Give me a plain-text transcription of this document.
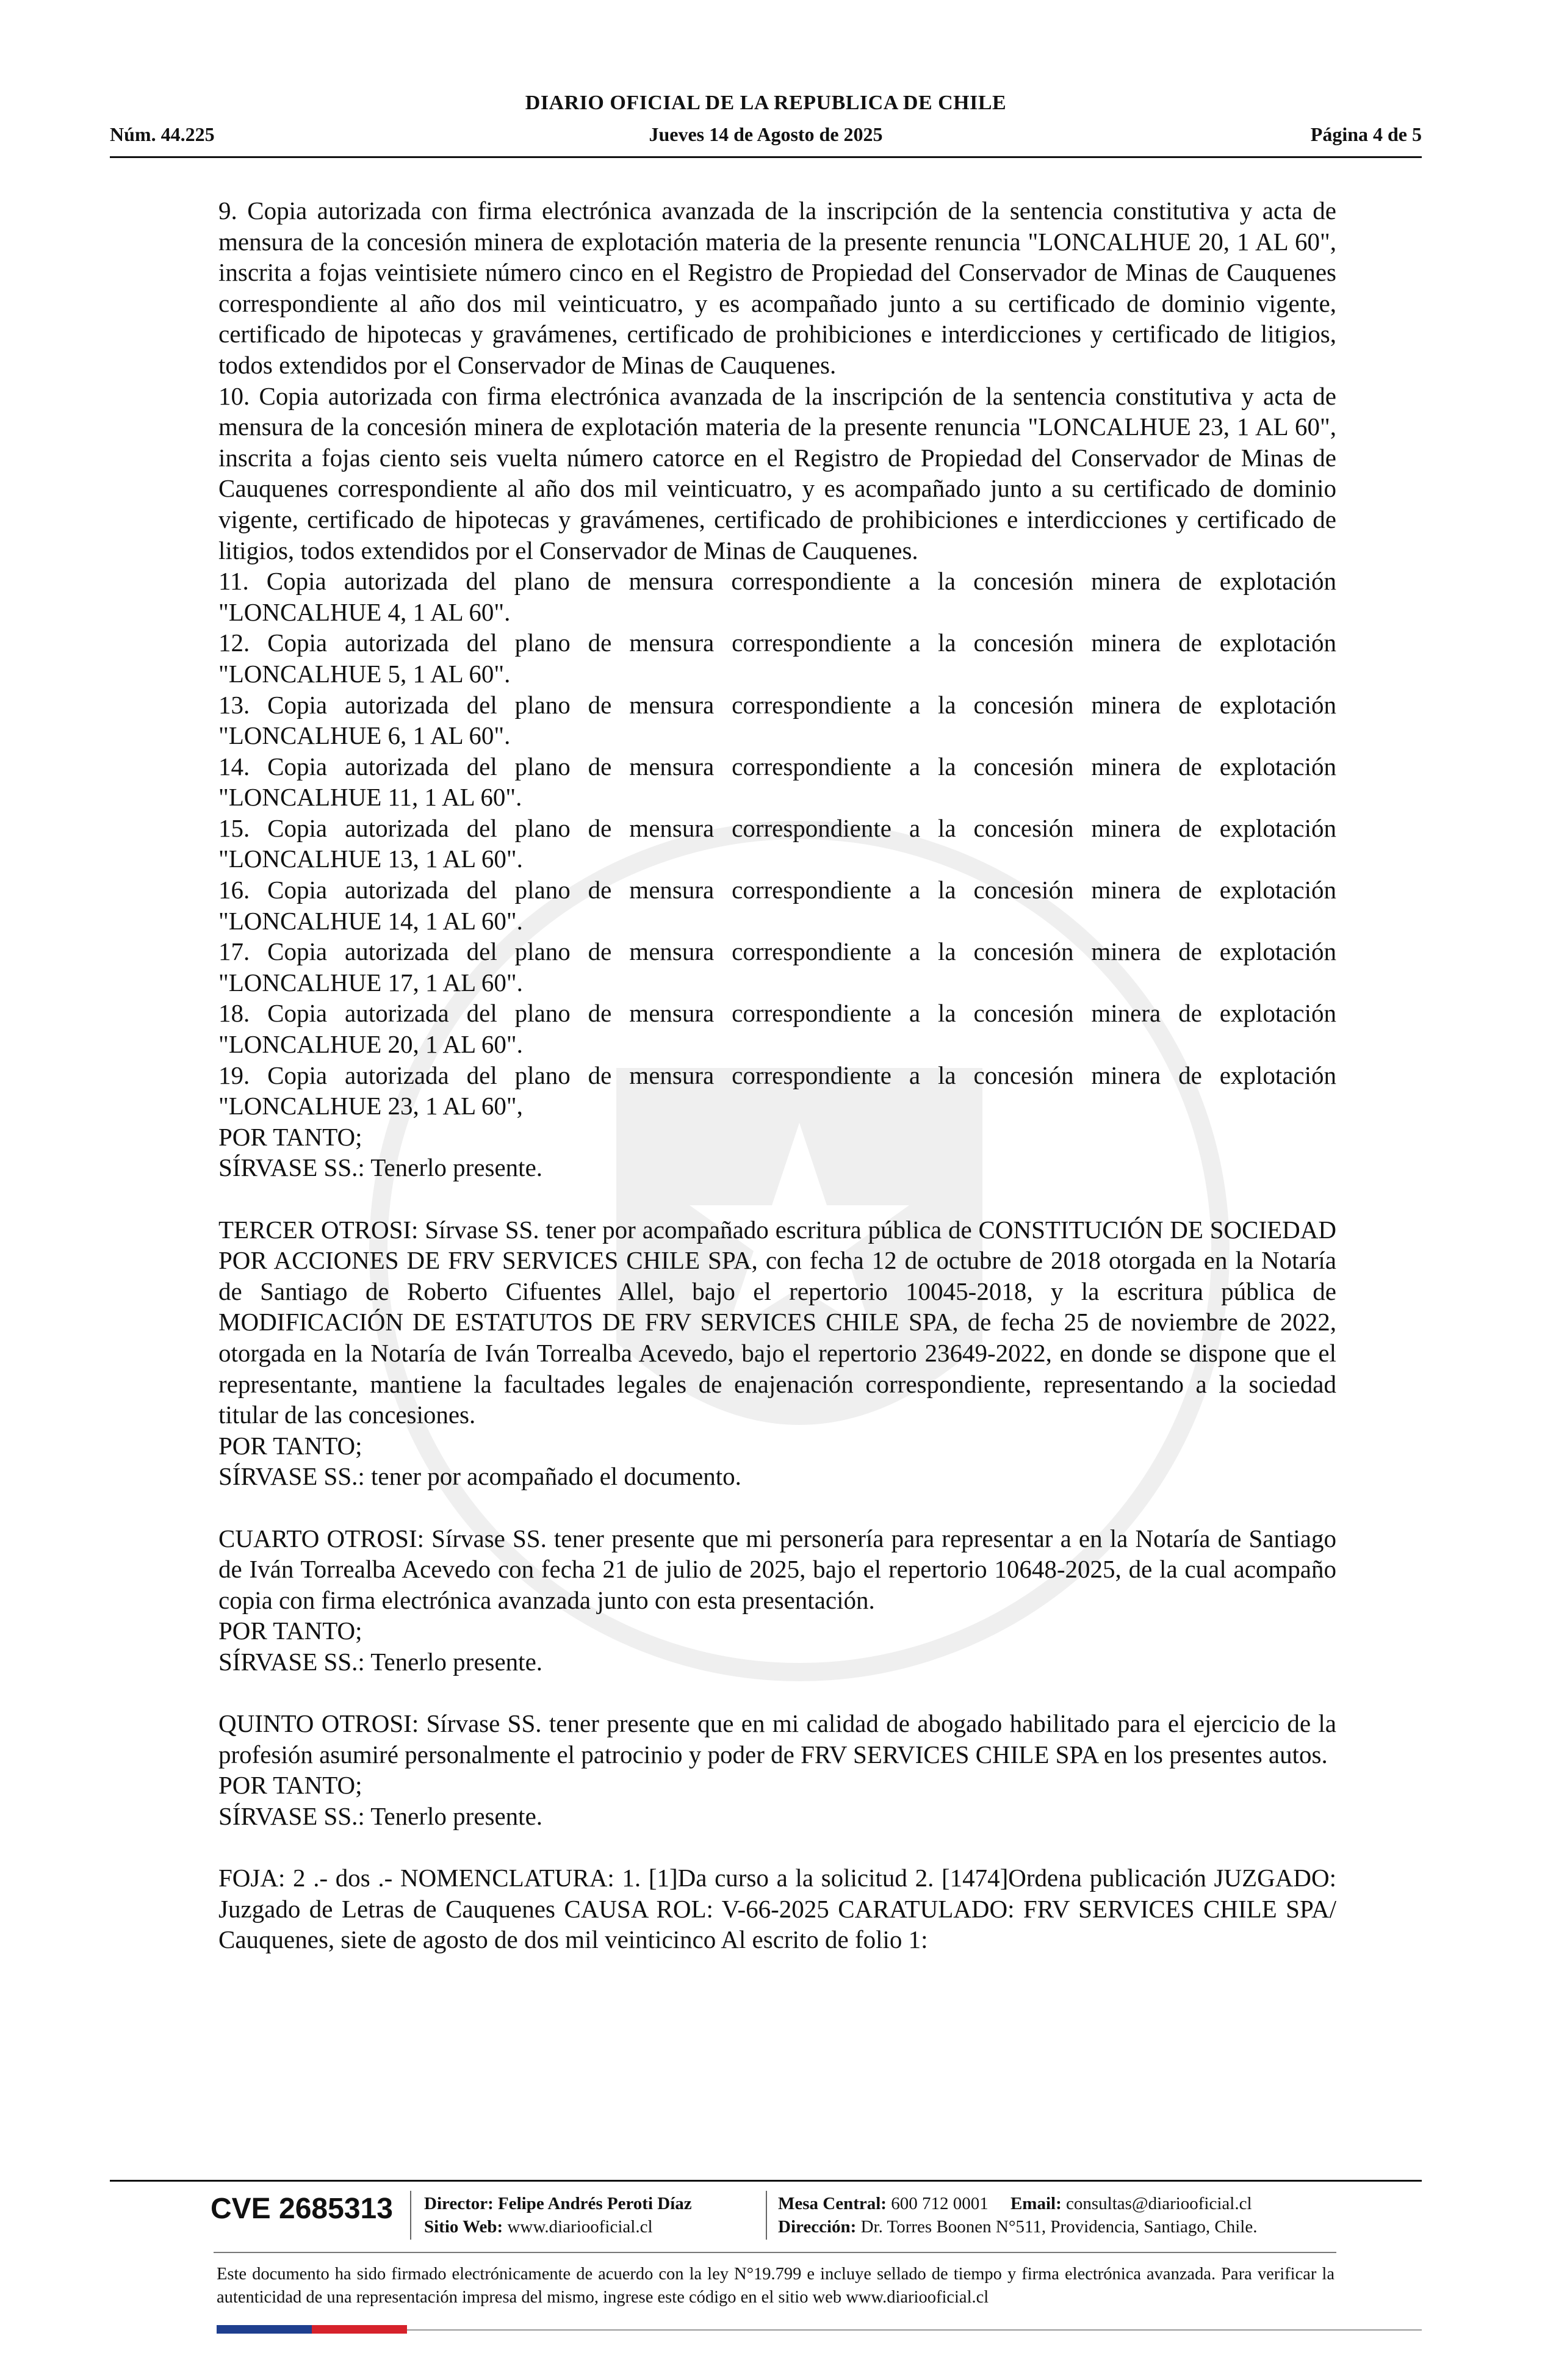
DIARIO OFICIAL DE LA REPUBLICA DE CHILE
Núm. 44.225	Jueves 14 de Agosto de 2025	Página 4 de 5

9. Copia autorizada con firma electrónica avanzada de la inscripción de la sentencia constitutiva y acta de mensura de la concesión minera de explotación materia de la presente renuncia "LONCALHUE 20, 1 AL 60", inscrita a fojas veintisiete número cinco en el Registro de Propiedad del Conservador de Minas de Cauquenes correspondiente al año dos mil veinticuatro, y es acompañado junto a su certificado de dominio vigente, certificado de hipotecas y gravámenes, certificado de prohibiciones e interdicciones y certificado de litigios, todos extendidos por el Conservador de Minas de Cauquenes.

10. Copia autorizada con firma electrónica avanzada de la inscripción de la sentencia constitutiva y acta de mensura de la concesión minera de explotación materia de la presente renuncia "LONCALHUE 23, 1 AL 60", inscrita a fojas ciento seis vuelta número catorce en el Registro de Propiedad del Conservador de Minas de Cauquenes correspondiente al año dos mil veinticuatro, y es acompañado junto a su certificado de dominio vigente, certificado de hipotecas y gravámenes, certificado de prohibiciones e interdicciones y certificado de litigios, todos extendidos por el Conservador de Minas de Cauquenes.

11. Copia autorizada del plano de mensura correspondiente a la concesión minera de explotación "LONCALHUE 4, 1 AL 60".

12. Copia autorizada del plano de mensura correspondiente a la concesión minera de explotación "LONCALHUE 5, 1 AL 60".

13. Copia autorizada del plano de mensura correspondiente a la concesión minera de explotación "LONCALHUE 6, 1 AL 60".

14. Copia autorizada del plano de mensura correspondiente a la concesión minera de explotación "LONCALHUE 11, 1 AL 60".

15. Copia autorizada del plano de mensura correspondiente a la concesión minera de explotación "LONCALHUE 13, 1 AL 60".

16. Copia autorizada del plano de mensura correspondiente a la concesión minera de explotación "LONCALHUE 14, 1 AL 60".

17. Copia autorizada del plano de mensura correspondiente a la concesión minera de explotación "LONCALHUE 17, 1 AL 60".

18. Copia autorizada del plano de mensura correspondiente a la concesión minera de explotación "LONCALHUE 20, 1 AL 60".

19. Copia autorizada del plano de mensura correspondiente a la concesión minera de explotación "LONCALHUE 23, 1 AL 60",

POR TANTO;

SÍRVASE SS.: Tenerlo presente.

TERCER OTROSI: Sírvase SS. tener por acompañado escritura pública de CONSTITUCIÓN DE SOCIEDAD POR ACCIONES DE FRV SERVICES CHILE SPA, con fecha 12 de octubre de 2018 otorgada en la Notaría de Santiago de Roberto Cifuentes Allel, bajo el repertorio 10045-2018, y la escritura pública de MODIFICACIÓN DE ESTATUTOS DE FRV SERVICES CHILE SPA, de fecha 25 de noviembre de 2022, otorgada en la Notaría de Iván Torrealba Acevedo, bajo el repertorio 23649-2022, en donde se dispone que el representante, mantiene la facultades legales de enajenación correspondiente, representando a la sociedad titular de las concesiones.

POR TANTO;

SÍRVASE SS.: tener por acompañado el documento.

CUARTO OTROSI: Sírvase SS. tener presente que mi personería para representar a en la Notaría de Santiago de Iván Torrealba Acevedo con fecha 21 de julio de 2025, bajo el repertorio 10648-2025, de la cual acompaño copia con firma electrónica avanzada junto con esta presentación.

POR TANTO;

SÍRVASE SS.: Tenerlo presente.

QUINTO OTROSI: Sírvase SS. tener presente que en mi calidad de abogado habilitado para el ejercicio de la profesión asumiré personalmente el patrocinio y poder de FRV SERVICES CHILE SPA en los presentes autos.

POR TANTO;

SÍRVASE SS.: Tenerlo presente.

FOJA: 2 .- dos .- NOMENCLATURA: 1. [1]Da curso a la solicitud 2. [1474]Ordena publicación JUZGADO: Juzgado de Letras de Cauquenes CAUSA ROL: V-66-2025 CARATULADO: FRV SERVICES CHILE SPA/ Cauquenes, siete de agosto de dos mil veinticinco Al escrito de folio 1:

CVE 2685313 Director: Felipe Andrés Peroti Díaz
Sitio Web: www.diariooficial.cl
Mesa Central: 600 712 0001 Email: consultas@diariooficial.cl
Dirección: Dr. Torres Boonen N°511, Providencia, Santiago, Chile.
Este documento ha sido firmado electrónicamente de acuerdo con la ley N°19.799 e incluye sellado de tiempo y firma electrónica avanzada. Para verificar la autenticidad de una representación impresa del mismo, ingrese este código en el sitio web www.diariooficial.cl
